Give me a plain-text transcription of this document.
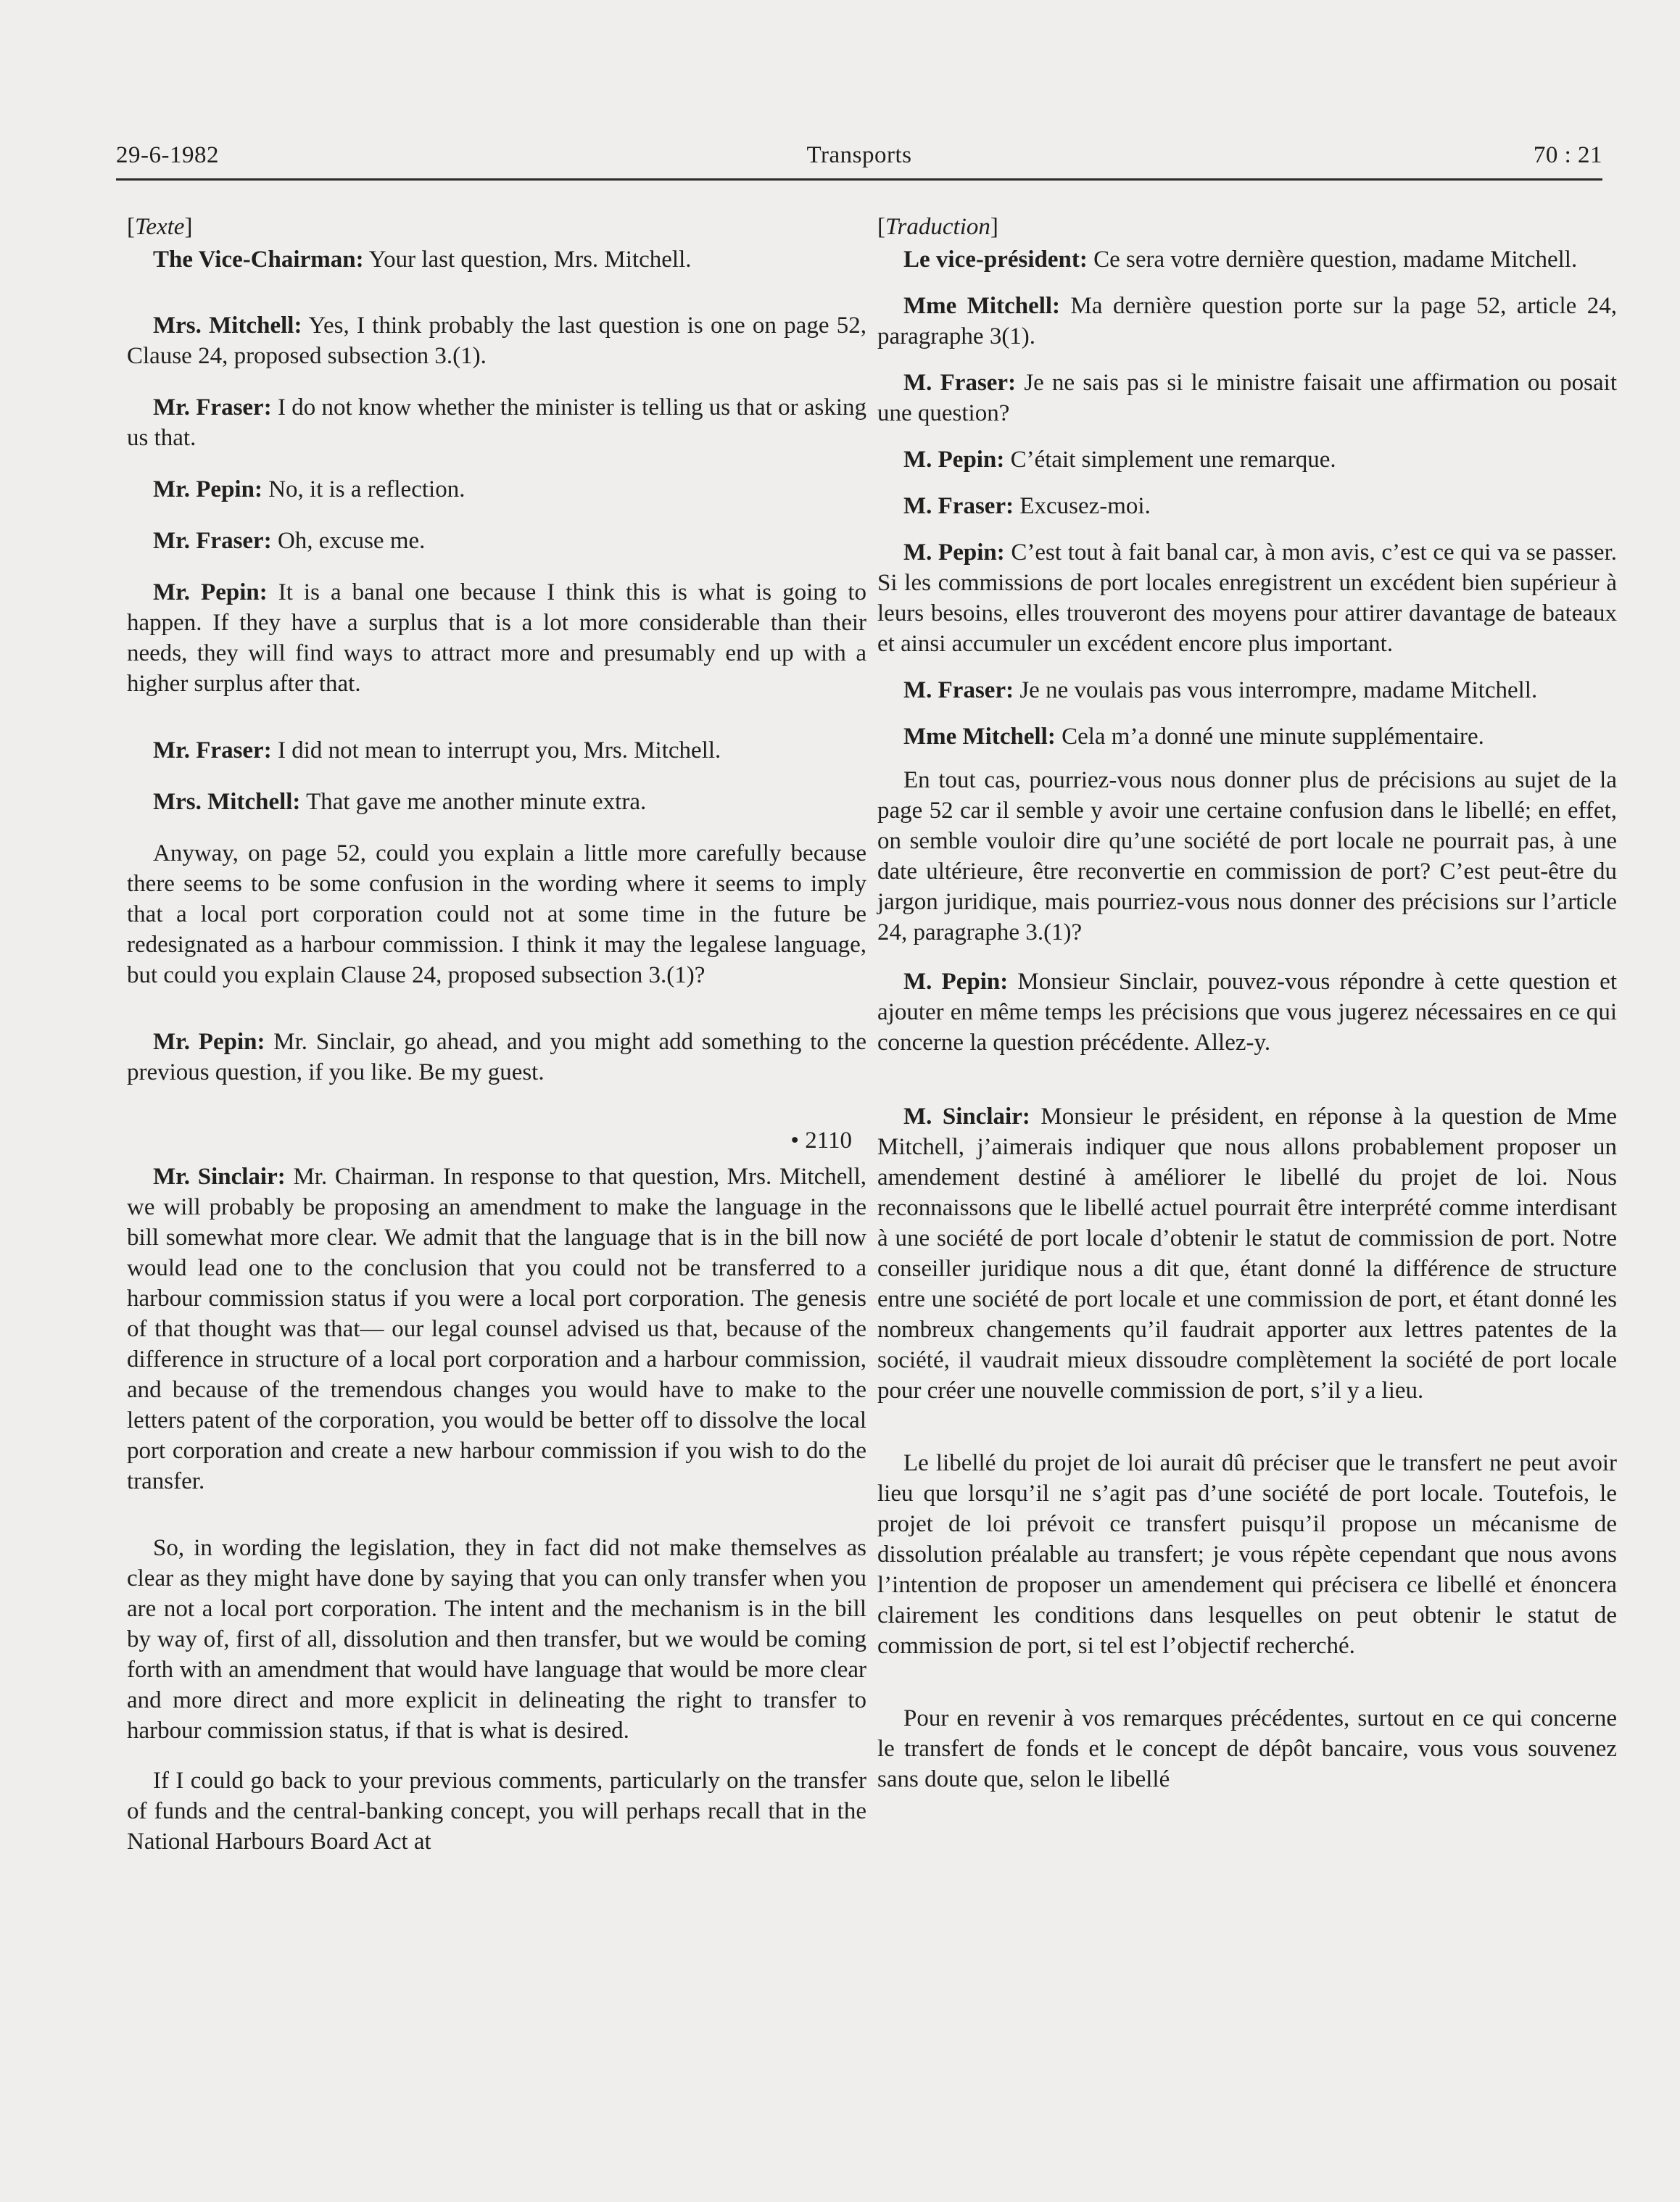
29-6-1982	Transports	70 : 21

[Texte]

The Vice-Chairman: Your last question, Mrs. Mitchell.

Mrs. Mitchell: Yes, I think probably the last question is one on page 52, Clause 24, proposed subsection 3.(1).

Mr. Fraser: I do not know whether the minister is telling us that or asking us that.

Mr. Pepin: No, it is a reflection.

Mr. Fraser: Oh, excuse me.

Mr. Pepin: It is a banal one because I think this is what is going to happen. If they have a surplus that is a lot more considerable than their needs, they will find ways to attract more and presumably end up with a higher surplus after that.

Mr. Fraser: I did not mean to interrupt you, Mrs. Mitchell.

Mrs. Mitchell: That gave me another minute extra.

Anyway, on page 52, could you explain a little more carefully because there seems to be some confusion in the wording where it seems to imply that a local port corporation could not at some time in the future be redesignated as a harbour commission. I think it may the legalese language, but could you explain Clause 24, proposed subsection 3.(1)?

Mr. Pepin: Mr. Sinclair, go ahead, and you might add something to the previous question, if you like. Be my guest.

• 2110

Mr. Sinclair: Mr. Chairman. In response to that question, Mrs. Mitchell, we will probably be proposing an amendment to make the language in the bill somewhat more clear. We admit that the language that is in the bill now would lead one to the conclusion that you could not be transferred to a harbour commission status if you were a local port corporation. The genesis of that thought was that— our legal counsel advised us that, because of the difference in structure of a local port corporation and a harbour commission, and because of the tremendous changes you would have to make to the letters patent of the corporation, you would be better off to dissolve the local port corporation and create a new harbour commission if you wish to do the transfer.

So, in wording the legislation, they in fact did not make themselves as clear as they might have done by saying that you can only transfer when you are not a local port corporation. The intent and the mechanism is in the bill by way of, first of all, dissolution and then transfer, but we would be coming forth with an amendment that would have language that would be more clear and more direct and more explicit in delineating the right to transfer to harbour commission status, if that is what is desired.

If I could go back to your previous comments, particularly on the transfer of funds and the central-banking concept, you will perhaps recall that in the National Harbours Board Act at

[Traduction]

Le vice-président: Ce sera votre dernière question, madame Mitchell.

Mme Mitchell: Ma dernière question porte sur la page 52, article 24, paragraphe 3(1).

M. Fraser: Je ne sais pas si le ministre faisait une affirmation ou posait une question?

M. Pepin: C’était simplement une remarque.

M. Fraser: Excusez-moi.

M. Pepin: C’est tout à fait banal car, à mon avis, c’est ce qui va se passer. Si les commissions de port locales enregistrent un excédent bien supérieur à leurs besoins, elles trouveront des moyens pour attirer davantage de bateaux et ainsi accumuler un excédent encore plus important.

M. Fraser: Je ne voulais pas vous interrompre, madame Mitchell.

Mme Mitchell: Cela m’a donné une minute supplémentaire.

En tout cas, pourriez-vous nous donner plus de précisions au sujet de la page 52 car il semble y avoir une certaine confusion dans le libellé; en effet, on semble vouloir dire qu’une société de port locale ne pourrait pas, à une date ultérieure, être reconvertie en commission de port? C’est peut-être du jargon juridique, mais pourriez-vous nous donner des précisions sur l’article 24, paragraphe 3.(1)?

M. Pepin: Monsieur Sinclair, pouvez-vous répondre à cette question et ajouter en même temps les précisions que vous jugerez nécessaires en ce qui concerne la question précédente. Allez-y.

M. Sinclair: Monsieur le président, en réponse à la question de Mme Mitchell, j’aimerais indiquer que nous allons probablement proposer un amendement destiné à améliorer le libellé du projet de loi. Nous reconnaissons que le libellé actuel pourrait être interprété comme interdisant à une société de port locale d’obtenir le statut de commission de port. Notre conseiller juridique nous a dit que, étant donné la différence de structure entre une société de port locale et une commission de port, et étant donné les nombreux changements qu’il faudrait apporter aux lettres patentes de la société, il vaudrait mieux dissoudre complètement la société de port locale pour créer une nouvelle commission de port, s’il y a lieu.

Le libellé du projet de loi aurait dû préciser que le transfert ne peut avoir lieu que lorsqu’il ne s’agit pas d’une société de port locale. Toutefois, le projet de loi prévoit ce transfert puisqu’il propose un mécanisme de dissolution préalable au transfert; je vous répète cependant que nous avons l’intention de proposer un amendement qui précisera ce libellé et énoncera clairement les conditions dans lesquelles on peut obtenir le statut de commission de port, si tel est l’objectif recherché.

Pour en revenir à vos remarques précédentes, surtout en ce qui concerne le transfert de fonds et le concept de dépôt bancaire, vous vous souvenez sans doute que, selon le libellé
